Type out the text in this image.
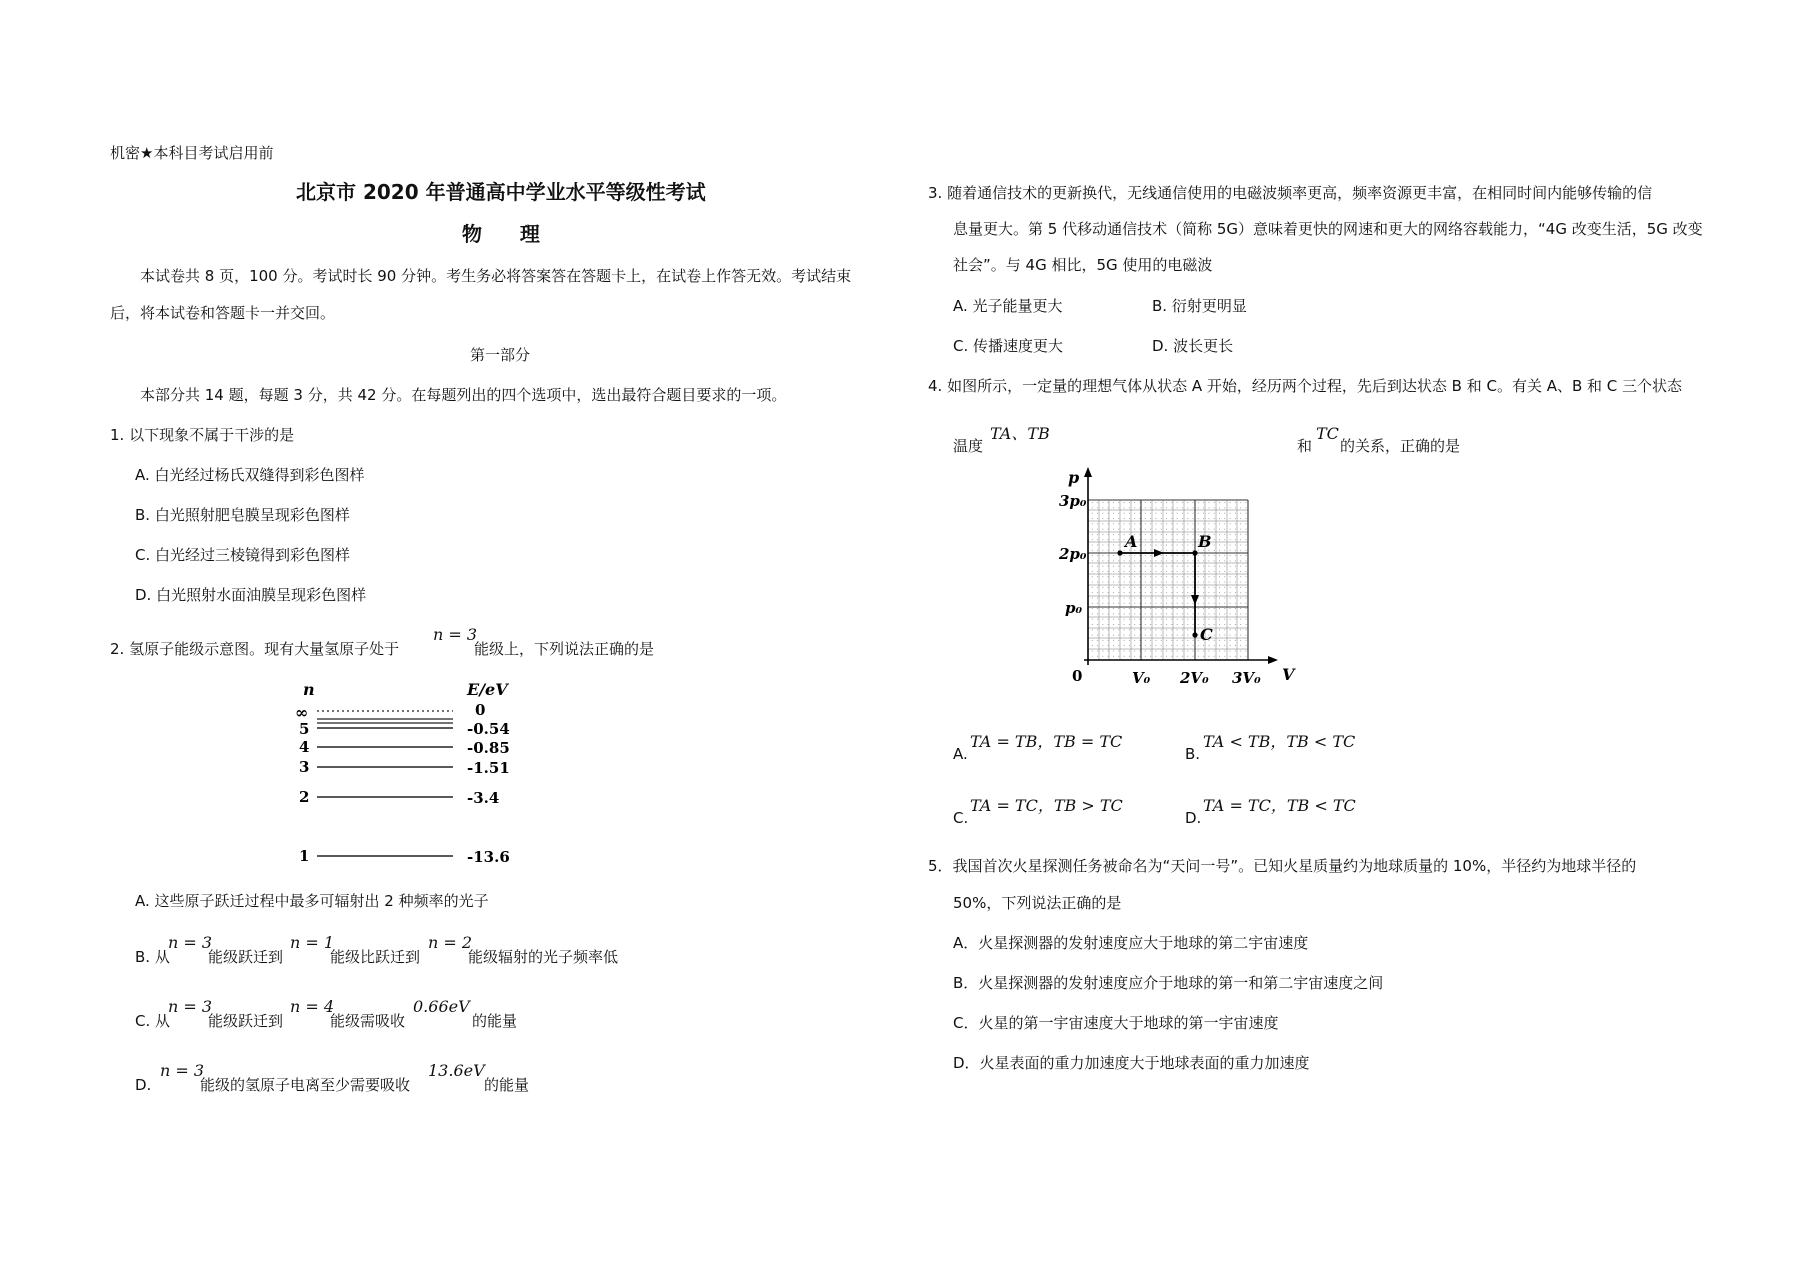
机密★本科目考试启用前
北京市 2020 年普通高中学业水平等级性考试
物    理
本试卷共 8 页，100 分。考试时长 90 分钟。考生务必将答案答在答题卡上，在试卷上作答无效。考试结束
后，将本试卷和答题卡一并交回。
第一部分
本部分共 14 题，每题 3 分，共 42 分。在每题列出的四个选项中，选出最符合题目要求的一项。
1. 以下现象不属于干涉的是
A. 白光经过杨氏双缝得到彩色图样
B. 白光照射肥皂膜呈现彩色图样
C. 白光经过三棱镜得到彩色图样
D. 白光照射水面油膜呈现彩色图样
2. 氢原子能级示意图。现有大量氢原子处于
n = 3
能级上，下列说法正确的是
n	E/eV
∞	0
5	-0.54
4	-0.85
3	-1.51
2	-3.4
1	-13.6
A. 这些原子跃迁过程中最多可辐射出 2 种频率的光子
B. 从
n = 3
能级跃迁到
n = 1
能级比跃迁到
n = 2
能级辐射的光子频率低
C. 从
n = 3
能级跃迁到
n = 4
能级需吸收
0.66eV
的能量
D.
n = 3
能级的氢原子电离至少需要吸收
13.6eV
的能量
3. 随着通信技术的更新换代，无线通信使用的电磁波频率更高，频率资源更丰富，在相同时间内能够传输的信
息量更大。第 5 代移动通信技术（简称 5G）意味着更快的网速和更大的网络容载能力，“4G 改变生活，5G 改变
社会”。与 4G 相比，5G 使用的电磁波
A. 光子能量更大	B. 衍射更明显
C. 传播速度更大	D. 波长更长
4. 如图所示，一定量的理想气体从状态 A 开始，经历两个过程，先后到达状态 B 和 C。有关 A、B 和 C 三个状态
温度
TA、TB
和
TC
的关系，正确的是
p
V
0
3p₀
2p₀
p₀
V₀ 2V₀ 3V₀
A	B
C
A.
TA = TB，TB = TC
B.
TA < TB，TB < TC
C.
TA = TC，TB > TC
D.
TA = TC，TB < TC
5．我国首次火星探测任务被命名为“天问一号”。已知火星质量约为地球质量的 10%，半径约为地球半径的
50%，下列说法正确的是
A．火星探测器的发射速度应大于地球的第二宇宙速度
B．火星探测器的发射速度应介于地球的第一和第二宇宙速度之间
C．火星的第一宇宙速度大于地球的第一宇宙速度
D．火星表面的重力加速度大于地球表面的重力加速度
